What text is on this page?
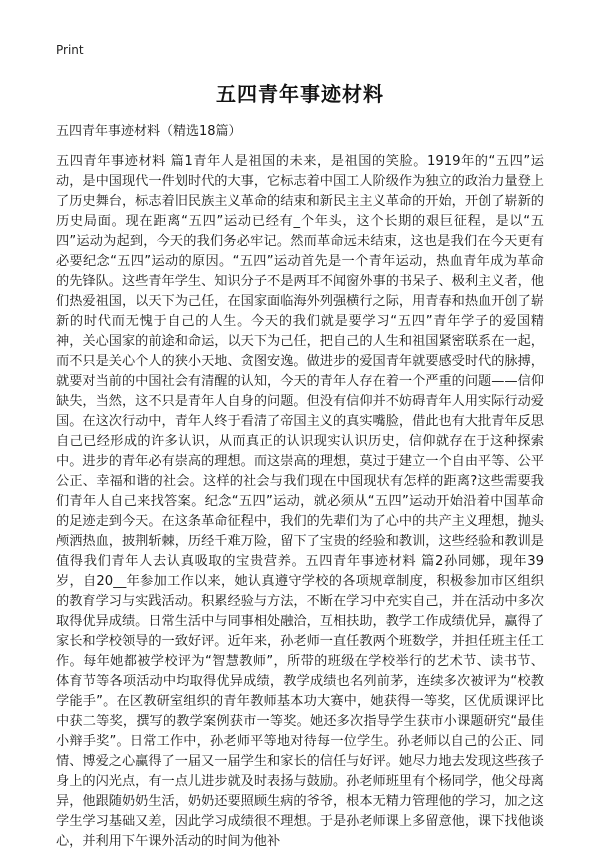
Print
五四青年事迹材料
五四青年事迹材料（精选18篇）
五四青年事迹材料 篇1青年人是祖国的未来，是祖国的笑脸。1919年的“五四”运动，是中国现代一件划时代的大事，它标志着中国工人阶级作为独立的政治力量登上了历史舞台，标志着旧民族主义革命的结束和新民主主义革命的开始，开创了崭新的历史局面。现在距离“五四”运动已经有_个年头，这个长期的艰巨征程，是以“五四”运动为起到，今天的我们务必牢记。然而革命远未结束，这也是我们在今天更有必要纪念“五四”运动的原因。“五四”运动首先是一个青年运动，热血青年成为革命的先锋队。这些青年学生、知识分子不是两耳不闻窗外事的书呆子、极利主义者，他们热爱祖国，以天下为己任，在国家面临海外列强横行之际，用青春和热血开创了崭新的时代而无愧于自己的人生。今天的我们就是要学习“五四”青年学子的爱国精神，关心国家的前途和命运，以天下为己任，把自己的人生和祖国紧密联系在一起，而不只是关心个人的狭小天地、贪图安逸。做进步的爱国青年就要感受时代的脉搏，就要对当前的中国社会有清醒的认知，今天的青年人存在着一个严重的问题——信仰缺失，当然，这不只是青年人自身的问题。但没有信仰并不妨碍青年人用实际行动爱国。在这次行动中，青年人终于看清了帝国主义的真实嘴脸，借此也有大批青年反思自己已经形成的许多认识，从而真正的认识现实认识历史，信仰就存在于这种探索中。进步的青年必有崇高的理想。而这崇高的理想，莫过于建立一个自由平等、公平公正、幸福和谐的社会。这样的社会与我们现在中国现状有怎样的距离?这些需要我们青年人自己来找答案。纪念“五四”运动，就必须从“五四”运动开始沿着中国革命的足迹走到今天。在这条革命征程中，我们的先辈们为了心中的共产主义理想，抛头颅洒热血，披荆斩棘，历经千难万险，留下了宝贵的经验和教训，这些经验和教训是值得我们青年人去认真吸取的宝贵营养。五四青年事迹材料 篇2孙同娜，现年39岁，自20__年参加工作以来，她认真遵守学校的各项规章制度，积极参加市区组织的教育学习与实践活动。积累经验与方法，不断在学习中充实自己，并在活动中多次取得优异成绩。日常生活中与同事相处融洽，互相扶助，教学工作成绩优异，赢得了家长和学校领导的一致好评。近年来，孙老师一直任教两个班数学，并担任班主任工作。每年她都被学校评为“智慧教师”，所带的班级在学校举行的艺术节、读书节、体育节等各项活动中均取得优异成绩，教学成绩也名列前茅，连续多次被评为“校教学能手”。在区教研室组织的青年教师基本功大赛中，她获得一等奖，区优质课评比中获二等奖，撰写的教学案例获市一等奖。她还多次指导学生获市小课题研究“最佳小辩手奖”。日常工作中，孙老师平等地对待每一位学生。孙老师以自己的公正、同情、博爱之心赢得了一届又一届学生和家长的信任与好评。她尽力地去发现这些孩子身上的闪光点，有一点儿进步就及时表扬与鼓励。孙老师班里有个杨同学，他父母离异，他跟随奶奶生活，奶奶还要照顾生病的爷爷，根本无精力管理他的学习，加之这学生学习基础又差，因此学习成绩很不理想。于是孙老师课上多留意他，课下找他谈心，并利用下午课外活动的时间为他补
